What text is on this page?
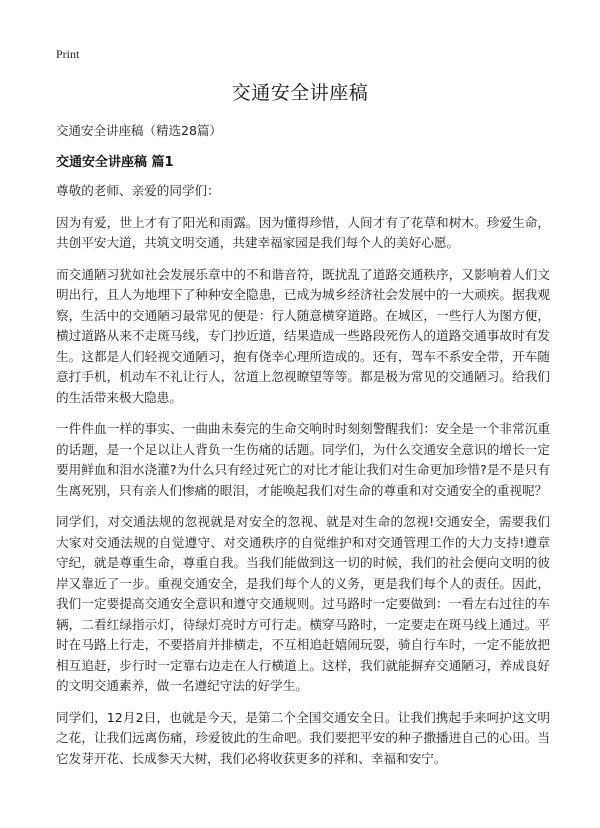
Print
交通安全讲座稿

交通安全讲座稿（精选28篇）

交通安全讲座稿 篇1

尊敬的老师、亲爱的同学们：

因为有爱，世上才有了阳光和雨露。因为懂得珍惜，人间才有了花草和树木。珍爱生命，共创平安大道，共筑文明交通，共建幸福家园是我们每个人的美好心愿。

而交通陋习犹如社会发展乐章中的不和谐音符，既扰乱了道路交通秩序，又影响着人们文明出行，且人为地埋下了种种安全隐患，已成为城乡经济社会发展中的一大顽疾。据我观察，生活中的交通陋习最常见的便是：行人随意横穿道路。在城区，一些行人为图方便，横过道路从来不走斑马线，专门抄近道，结果造成一些路段死伤人的道路交通事故时有发生。这都是人们轻视交通陋习，抱有侥幸心理所造成的。还有，驾车不系安全带，开车随意打手机，机动车不礼让行人，岔道上忽视瞭望等等。都是极为常见的交通陋习。给我们的生活带来极大隐患。

一件件血一样的事实、一曲曲未奏完的生命交响时时刻刻警醒我们：安全是一个非常沉重的话题，是一个足以让人背负一生伤痛的话题。同学们，为什么交通安全意识的增长一定要用鲜血和泪水浇灌?为什么只有经过死亡的对比才能让我们对生命更加珍惜?是不是只有生离死别，只有亲人们惨痛的眼泪，才能唤起我们对生命的尊重和对交通安全的重视呢？

同学们，对交通法规的忽视就是对安全的忽视、就是对生命的忽视!交通安全，需要我们大家对交通法规的自觉遵守、对交通秩序的自觉维护和对交通管理工作的大力支持!遵章守纪，就是尊重生命，尊重自我。当我们能做到这一切的时候，我们的社会便向文明的彼岸又靠近了一步。重视交通安全，是我们每个人的义务，更是我们每个人的责任。因此，我们一定要提高交通安全意识和遵守交通规则。过马路时一定要做到：一看左右过往的车辆，二看红绿指示灯，待绿灯亮时方可行走。横穿马路时，一定要走在斑马线上通过。平时在马路上行走，不要搭肩并排横走，不互相追赶嬉闹玩耍，骑自行车时，一定不能放把相互追赶，步行时一定靠右边走在人行横道上。这样，我们就能摒弃交通陋习，养成良好的文明交通素养，做一名遵纪守法的好学生。

同学们，12月2日，也就是今天，是第二个全国交通安全日。让我们携起手来呵护这文明之花，让我们远离伤痛，珍爱彼此的生命吧。我们要把平安的种子撒播进自己的心田。当它发芽开花、长成参天大树，我们必将收获更多的祥和、幸福和安宁。
